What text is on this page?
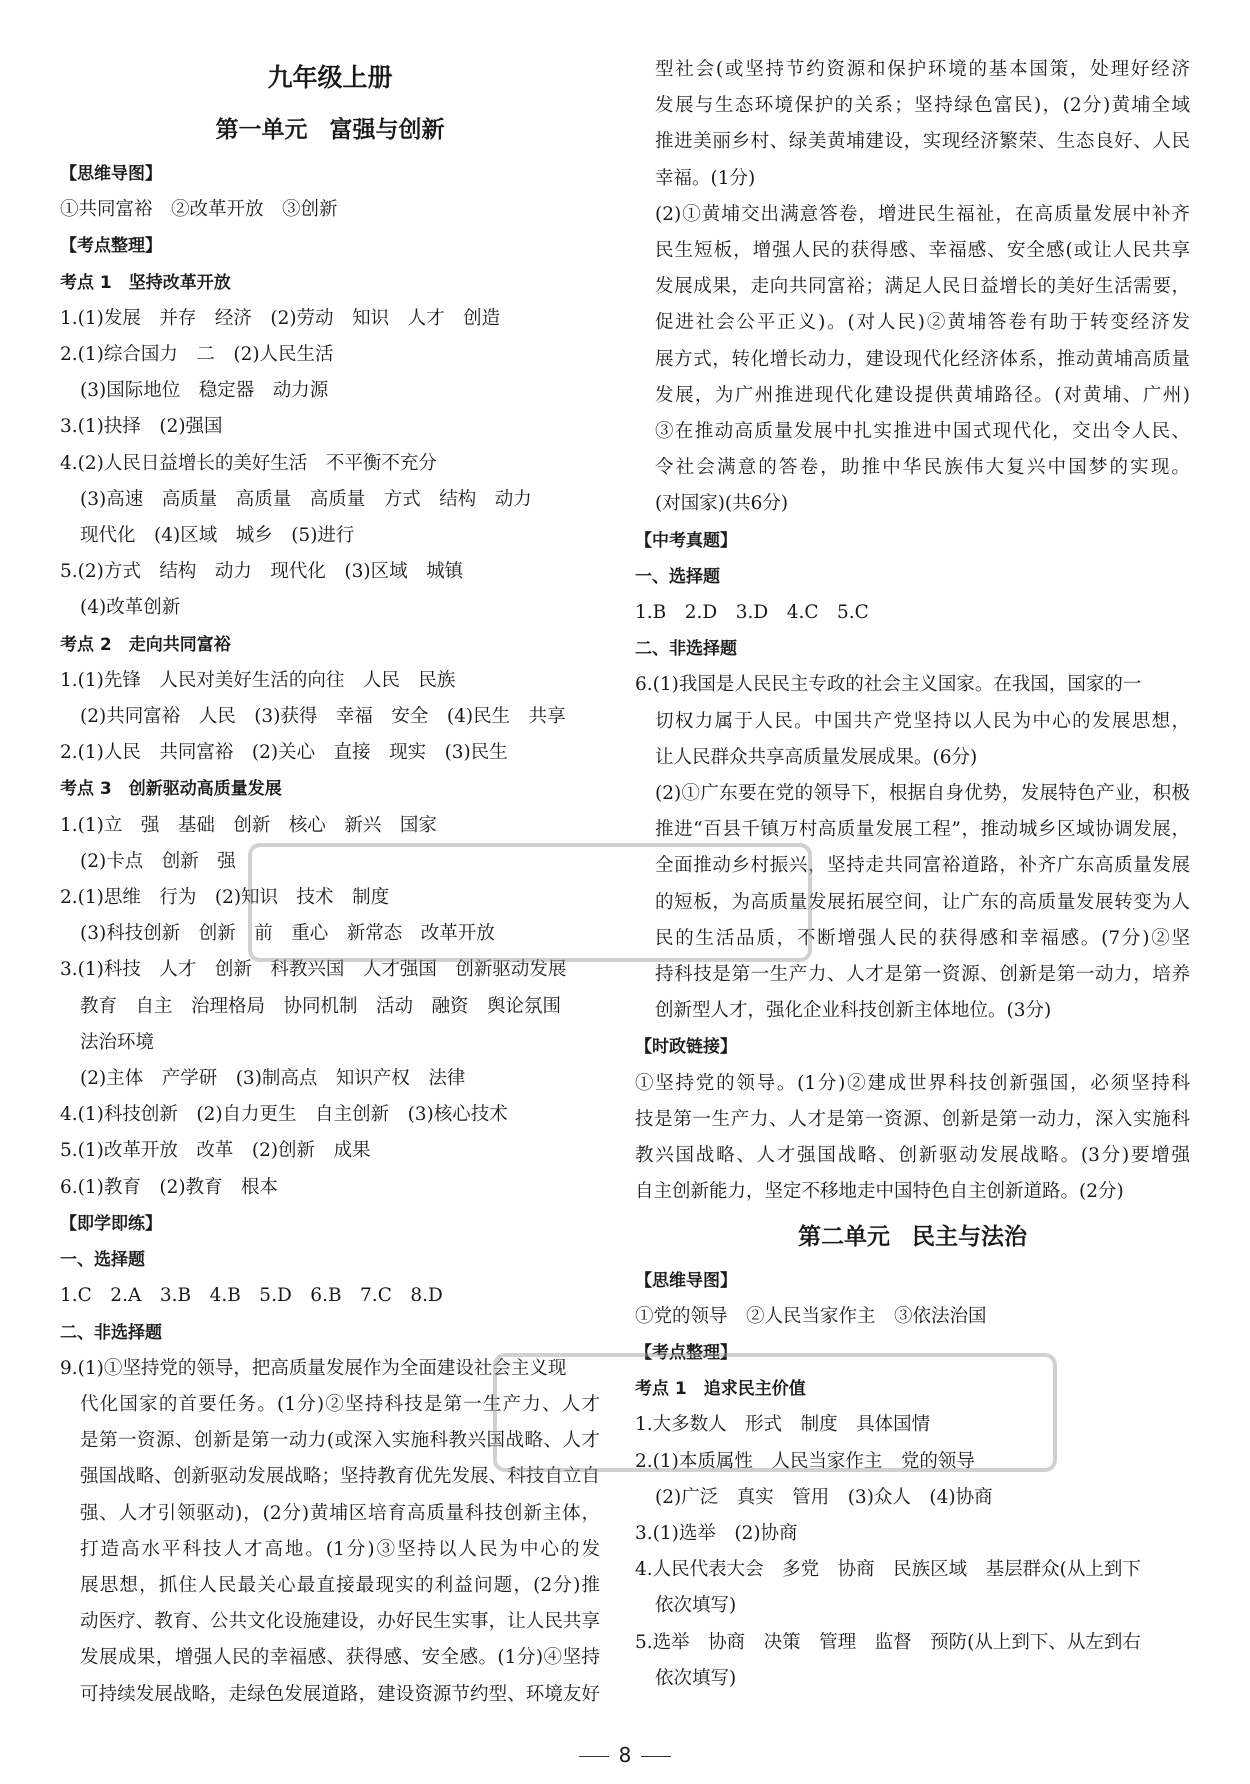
九年级上册
第一单元 富强与创新
【思维导图】
①共同富裕　②改革开放　③创新
【考点整理】
考点 1　坚持改革开放
1.(1)发展　并存　经济　(2)劳动　知识　人才　创造
2.(1)综合国力　二　(2)人民生活
(3)国际地位　稳定器　动力源
3.(1)抉择　(2)强国
4.(2)人民日益增长的美好生活　不平衡不充分
(3)高速　高质量　高质量　高质量　方式　结构　动力
现代化　(4)区域　城乡　(5)进行
5.(2)方式　结构　动力　现代化　(3)区域　城镇
(4)改革创新
考点 2　走向共同富裕
1.(1)先锋　人民对美好生活的向往　人民　民族
(2)共同富裕　人民　(3)获得　幸福　安全　(4)民生　共享
2.(1)人民　共同富裕　(2)关心　直接　现实　(3)民生
考点 3　创新驱动高质量发展
1.(1)立　强　基础　创新　核心　新兴　国家
(2)卡点　创新　强
2.(1)思维　行为　(2)知识　技术　制度
(3)科技创新　创新　前　重心　新常态　改革开放
3.(1)科技　人才　创新　科教兴国　人才强国　创新驱动发展
教育　自主　治理格局　协同机制　活动　融资　舆论氛围
法治环境
(2)主体　产学研　(3)制高点　知识产权　法律
4.(1)科技创新　(2)自力更生　自主创新　(3)核心技术
5.(1)改革开放　改革　(2)创新　成果
6.(1)教育　(2)教育　根本
【即学即练】
一、选择题
1.C　2.A　3.B　4.B　5.D　6.B　7.C　8.D
二、非选择题
9.(1)①坚持党的领导，把高质量发展作为全面建设社会主义现
代化国家的首要任务。(1分)②坚持科技是第一生产力、人才
是第一资源、创新是第一动力(或深入实施科教兴国战略、人才
强国战略、创新驱动发展战略；坚持教育优先发展、科技自立自
强、人才引领驱动)，(2分)黄埔区培育高质量科技创新主体，
打造高水平科技人才高地。(1分)③坚持以人民为中心的发
展思想，抓住人民最关心最直接最现实的利益问题，(2分)推
动医疗、教育、公共文化设施建设，办好民生实事，让人民共享
发展成果，增强人民的幸福感、获得感、安全感。(1分)④坚持
可持续发展战略，走绿色发展道路，建设资源节约型、环境友好
型社会(或坚持节约资源和保护环境的基本国策，处理好经济
发展与生态环境保护的关系；坚持绿色富民)，(2分)黄埔全域
推进美丽乡村、绿美黄埔建设，实现经济繁荣、生态良好、人民
幸福。(1分)
(2)①黄埔交出满意答卷，增进民生福祉，在高质量发展中补齐
民生短板，增强人民的获得感、幸福感、安全感(或让人民共享
发展成果，走向共同富裕；满足人民日益增长的美好生活需要，
促进社会公平正义)。(对人民)②黄埔答卷有助于转变经济发
展方式，转化增长动力，建设现代化经济体系，推动黄埔高质量
发展，为广州推进现代化建设提供黄埔路径。(对黄埔、广州)
③在推动高质量发展中扎实推进中国式现代化，交出令人民、
令社会满意的答卷，助推中华民族伟大复兴中国梦的实现。
(对国家)(共6分)
【中考真题】
一、选择题
1.B　2.D　3.D　4.C　5.C
二、非选择题
6.(1)我国是人民民主专政的社会主义国家。在我国，国家的一
切权力属于人民。中国共产党坚持以人民为中心的发展思想，
让人民群众共享高质量发展成果。(6分)
(2)①广东要在党的领导下，根据自身优势，发展特色产业，积极
推进“百县千镇万村高质量发展工程”，推动城乡区域协调发展，
全面推动乡村振兴，坚持走共同富裕道路，补齐广东高质量发展
的短板，为高质量发展拓展空间，让广东的高质量发展转变为人
民的生活品质，不断增强人民的获得感和幸福感。(7分)②坚
持科技是第一生产力、人才是第一资源、创新是第一动力，培养
创新型人才，强化企业科技创新主体地位。(3分)
【时政链接】
①坚持党的领导。(1分)②建成世界科技创新强国，必须坚持科
技是第一生产力、人才是第一资源、创新是第一动力，深入实施科
教兴国战略、人才强国战略、创新驱动发展战略。(3分)要增强
自主创新能力，坚定不移地走中国特色自主创新道路。(2分)
第二单元 民主与法治
【思维导图】
①党的领导　②人民当家作主　③依法治国
【考点整理】
考点 1　追求民主价值
1.大多数人　形式　制度　具体国情
2.(1)本质属性　人民当家作主　党的领导
(2)广泛　真实　管用　(3)众人　(4)协商
3.(1)选举　(2)协商
4.人民代表大会　多党　协商　民族区域　基层群众(从上到下
依次填写)
5.选举　协商　决策　管理　监督　预防(从上到下、从左到右
依次填写)
8
